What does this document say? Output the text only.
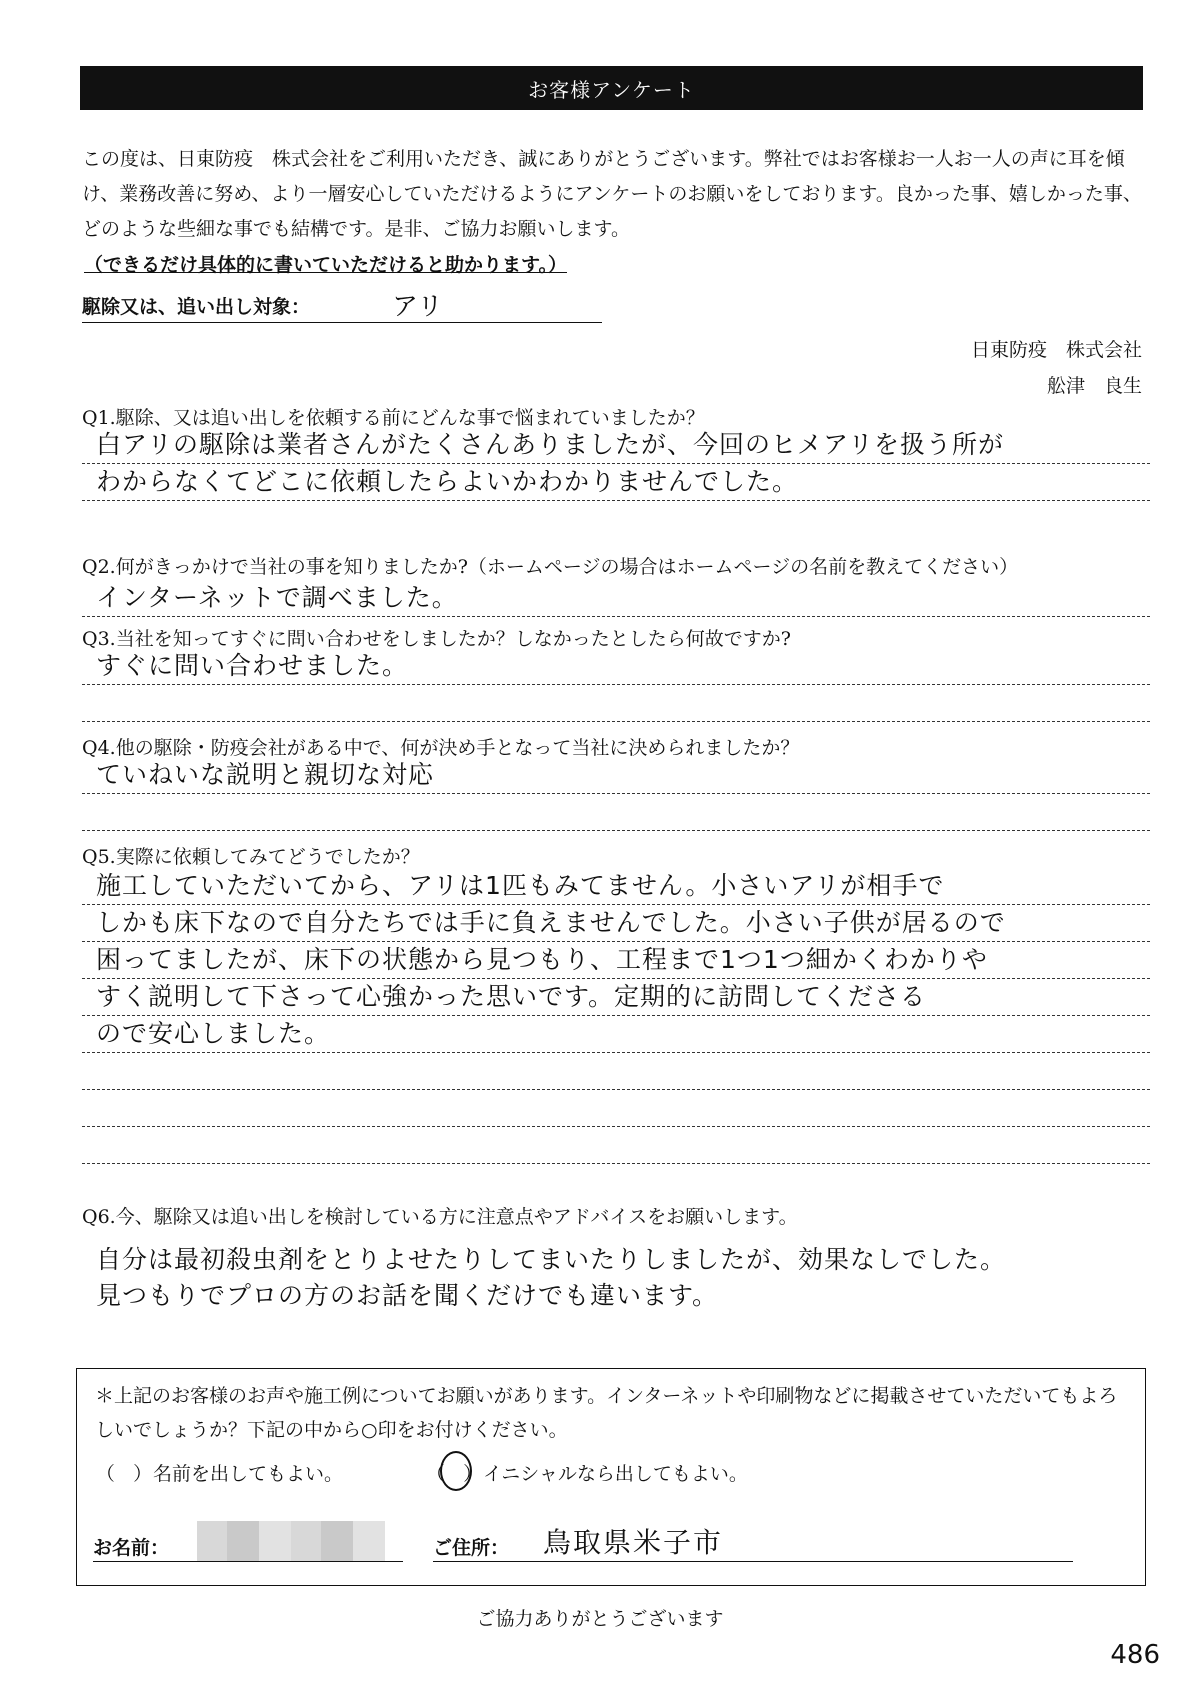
お客様アンケート

この度は、日東防疫　株式会社をご利用いただき、誠にありがとうございます。弊社ではお客様お一人お一人の声に耳を傾け、業務改善に努め、より一層安心していただけるようにアンケートのお願いをしております。良かった事、嬉しかった事、どのような些細な事でも結構です。是非、ご協力お願いします。

（できるだけ具体的に書いていただけると助かります。）
駆除又は、追い出し対象：	アリ
日東防疫　株式会社
舩津　良生
Q1.駆除、又は追い出しを依頼する前にどんな事で悩まれていましたか？
白アリの駆除は業者さんがたくさんありましたが、今回のヒメアリを扱う所が
わからなくてどこに依頼したらよいかわかりませんでした。
Q2.何がきっかけで当社の事を知りましたか?（ホームページの場合はホームページの名前を教えてください）
インターネットで調べました。
Q3.当社を知ってすぐに問い合わせをしましたか？しなかったとしたら何故ですか?
すぐに問い合わせました。
Q4.他の駆除・防疫会社がある中で、何が決め手となって当社に決められましたか？
ていねいな説明と親切な対応
Q5.実際に依頼してみてどうでしたか？
施工していただいてから、アリは1匹もみてません。小さいアリが相手で
しかも床下なので自分たちでは手に負えませんでした。小さい子供が居るので
困ってましたが、床下の状態から見つもり、工程まで1つ1つ細かくわかりや
すく説明して下さって心強かった思いです。定期的に訪問してくださる
ので安心しました。
Q6.今、駆除又は追い出しを検討している方に注意点やアドバイスをお願いします。
自分は最初殺虫剤をとりよせたりしてまいたりしましたが、効果なしでした。
見つもりでプロの方のお話を聞くだけでも違います。

＊上記のお客様のお声や施工例についてお願いがあります。インターネットや印刷物などに掲載させていただいてもよろしいでしょうか？下記の中から○印をお付けください。

（ ） 名前を出してもよい。	（ ） イニシャルなら出してもよい。
お名前：	ご住所： 鳥取県米子市
ご協力ありがとうございます
486
